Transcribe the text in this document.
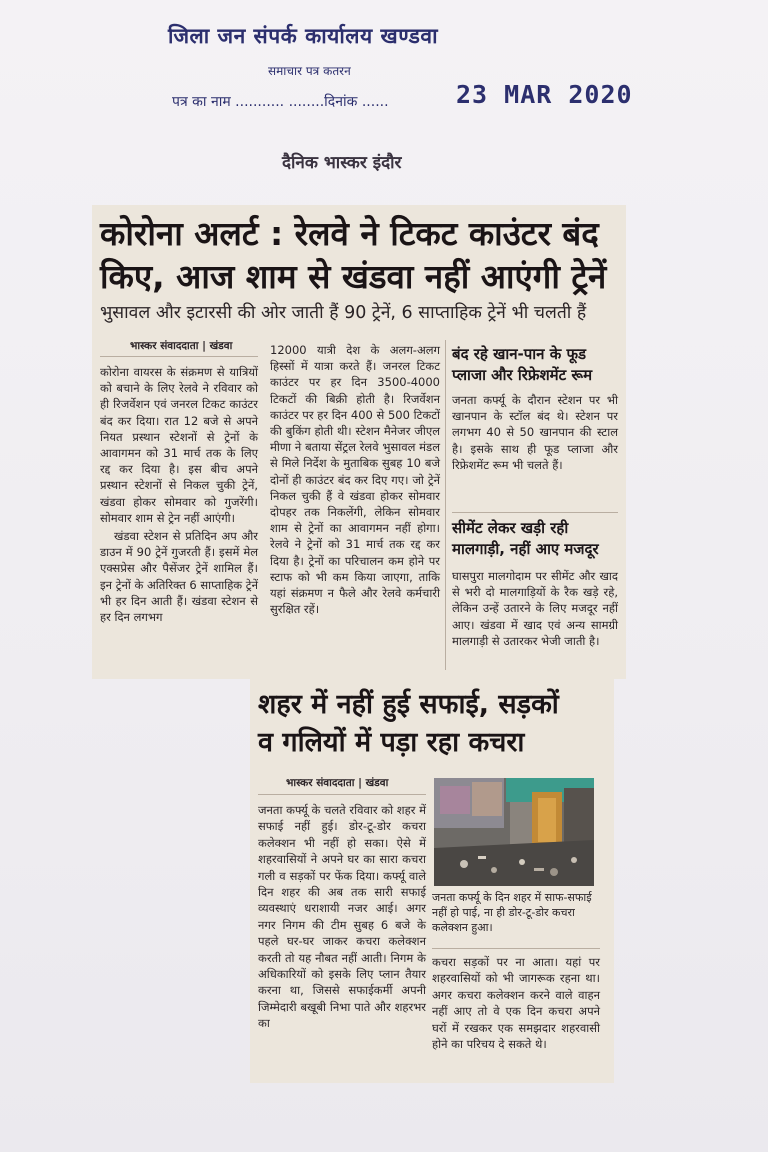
जिला जन संपर्क कार्यालय खण्डवा
समाचार पत्र कतरन
पत्र का नाम ........... ........दिनांक ......	23 MAR 2020
दैनिक भास्कर इंदौर
कोरोना अलर्ट : रेलवे ने टिकट काउंटर बंद
किए, आज शाम से खंडवा नहीं आएंगी ट्रेनें
भुसावल और इटारसी की ओर जाती हैं 90 ट्रेनें, 6 साप्ताहिक ट्रेनें भी चलती हैं
भास्कर संवाददाता | खंडवा

कोरोना वायरस के संक्रमण से यात्रियों को बचाने के लिए रेलवे ने रविवार को ही रिजर्वेशन एवं जनरल टिकट काउंटर बंद कर दिया। रात 12 बजे से अपने नियत प्रस्थान स्टेशनों से ट्रेनों के आवागमन को 31 मार्च तक के लिए रद्द कर दिया है। इस बीच अपने प्रस्थान स्टेशनों से निकल चुकी ट्रेनें, खंडवा होकर सोमवार को गुजरेंगी। सोमवार शाम से ट्रेन नहीं आएंगी।

खंडवा स्टेशन से प्रतिदिन अप और डाउन में 90 ट्रेनें गुजरती हैं। इसमें मेल एक्सप्रेस और पैसेंजर ट्रेनें शामिल हैं। इन ट्रेनों के अतिरिक्त 6 साप्ताहिक ट्रेनें भी हर दिन आती हैं। खंडवा स्टेशन से हर दिन लगभग

12000 यात्री देश के अलग-अलग हिस्सों में यात्रा करते हैं। जनरल टिकट काउंटर पर हर दिन 3500-4000 टिकटों की बिक्री होती है। रिजर्वेशन काउंटर पर हर दिन 400 से 500 टिकटों की बुकिंग होती थी। स्टेशन मैनेजर जीएल मीणा ने बताया सेंट्रल रेलवे भुसावल मंडल से मिले निर्देश के मुताबिक सुबह 10 बजे दोनों ही काउंटर बंद कर दिए गए। जो ट्रेनें निकल चुकी हैं वे खंडवा होकर सोमवार दोपहर तक निकलेंगी, लेकिन सोमवार शाम से ट्रेनों का आवागमन नहीं होगा। रेलवे ने ट्रेनों को 31 मार्च तक रद्द कर दिया है। ट्रेनों का परिचालन कम होने पर स्टाफ को भी कम किया जाएगा, ताकि यहां संक्रमण न फैले और रेलवे कर्मचारी सुरक्षित रहें।
बंद रहे खान-पान के फूड प्लाजा और रिफ्रेशमेंट रूम
जनता कर्फ्यू के दौरान स्टेशन पर भी खानपान के स्टॉल बंद थे। स्टेशन पर लगभग 40 से 50 खानपान की स्टाल है। इसके साथ ही फूड प्लाजा और रिफ्रेशमेंट रूम भी चलते हैं।
सीमेंट लेकर खड़ी रही मालगाड़ी, नहीं आए मजदूर
घासपुरा मालगोदाम पर सीमेंट और खाद से भरी दो मालगाड़ियों के रैक खड़े रहे, लेकिन उन्हें उतारने के लिए मजदूर नहीं आए। खंडवा में खाद एवं अन्य सामग्री मालगाड़ी से उतारकर भेजी जाती है।
शहर में नहीं हुई सफाई, सड़कों
व गलियों में पड़ा रहा कचरा
भास्कर संवाददाता | खंडवा
जनता कर्फ्यू के चलते रविवार को शहर में सफाई नहीं हुई। डोर-टू-डोर कचरा कलेक्शन भी नहीं हो सका। ऐसे में शहरवासियों ने अपने घर का सारा कचरा गली व सड़कों पर फेंक दिया। कर्फ्यू वाले दिन शहर की अब तक सारी सफाई व्यवस्थाएं धराशायी नजर आई। अगर नगर निगम की टीम सुबह 6 बजे के पहले घर-घर जाकर कचरा कलेक्शन करती तो यह नौबत नहीं आती। निगम के अधिकारियों को इसके लिए प्लान तैयार करना था, जिससे सफाईकर्मी अपनी जिम्मेदारी बखूबी निभा पाते और शहरभर का
जनता कर्फ्यू के दिन शहर में साफ-सफाई नहीं हो पाई, ना ही डोर-टू-डोर कचरा कलेक्शन हुआ।
कचरा सड़कों पर ना आता। यहां पर शहरवासियों को भी जागरूक रहना था। अगर कचरा कलेक्शन करने वाले वाहन नहीं आए तो वे एक दिन कचरा अपने घरों में रखकर एक समझदार शहरवासी होने का परिचय दे सकते थे।
